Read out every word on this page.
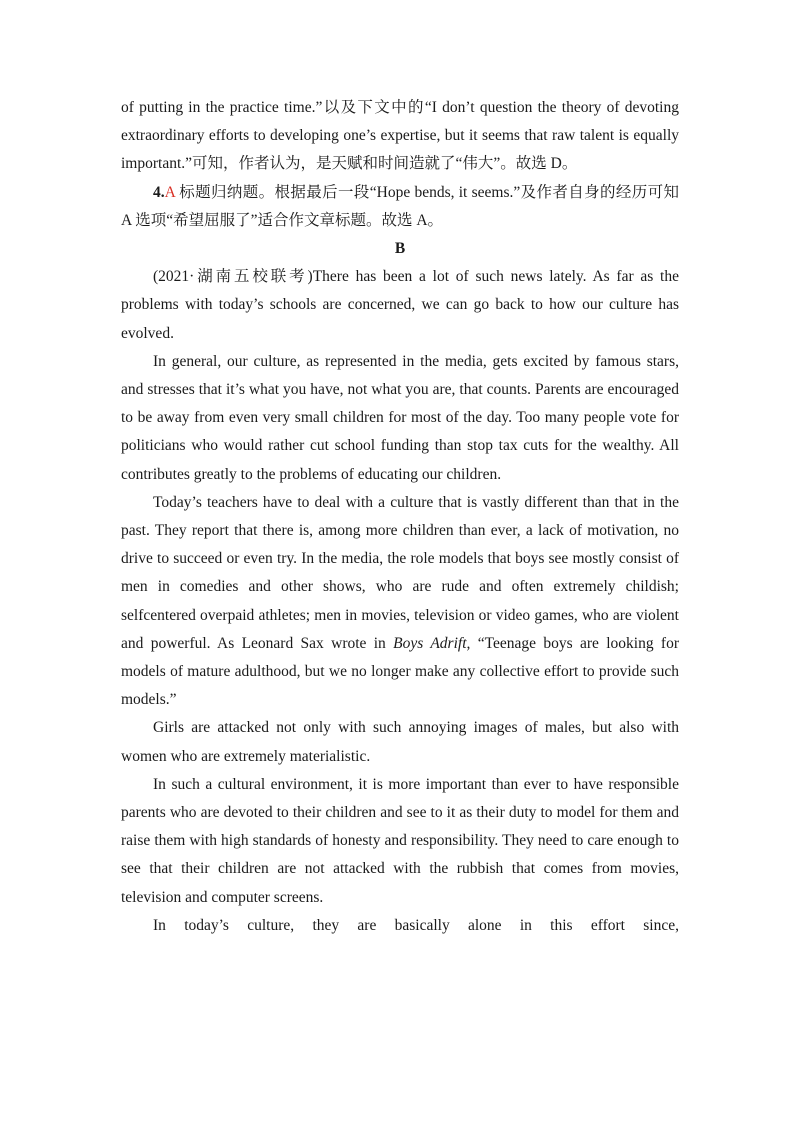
of putting in the practice time.”以及下文中的“I don’t question the theory of devoting extraordinary efforts to developing one’s expertise, but it seems that raw talent is equally important.”可知，作者认为，是天赋和时间造就了“伟大”。故选 D。

4.A 标题归纳题。根据最后一段“Hope bends, it seems.”及作者自身的经历可知 A 选项“希望屈服了”适合作文章标题。故选 A。

B

(2021·湖南五校联考)There has been a lot of such news lately. As far as the problems with today’s schools are concerned, we can go back to how our culture has evolved.

In general, our culture, as represented in the media, gets excited by famous stars, and stresses that it’s what you have, not what you are, that counts. Parents are encouraged to be away from even very small children for most of the day. Too many people vote for politicians who would rather cut school funding than stop tax cuts for the wealthy. All contributes greatly to the problems of educating our children.

Today’s teachers have to deal with a culture that is vastly different than that in the past. They report that there is, among more children than ever, a lack of motivation, no drive to succeed or even try. In the media, the role models that boys see mostly consist of men in comedies and other shows, who are rude and often extremely childish; selfcentered overpaid athletes; men in movies, television or video games, who are violent and powerful. As Leonard Sax wrote in Boys Adrift, “Teenage boys are looking for models of mature adulthood, but we no longer make any collective effort to provide such models.”

Girls are attacked not only with such annoying images of males, but also with women who are extremely materialistic.

In such a cultural environment, it is more important than ever to have responsible parents who are devoted to their children and see to it as their duty to model for them and raise them with high standards of honesty and responsibility. They need to care enough to see that their children are not attacked with the rubbish that comes from movies, television and computer screens.

In today’s culture, they are basically alone in this effort since,
